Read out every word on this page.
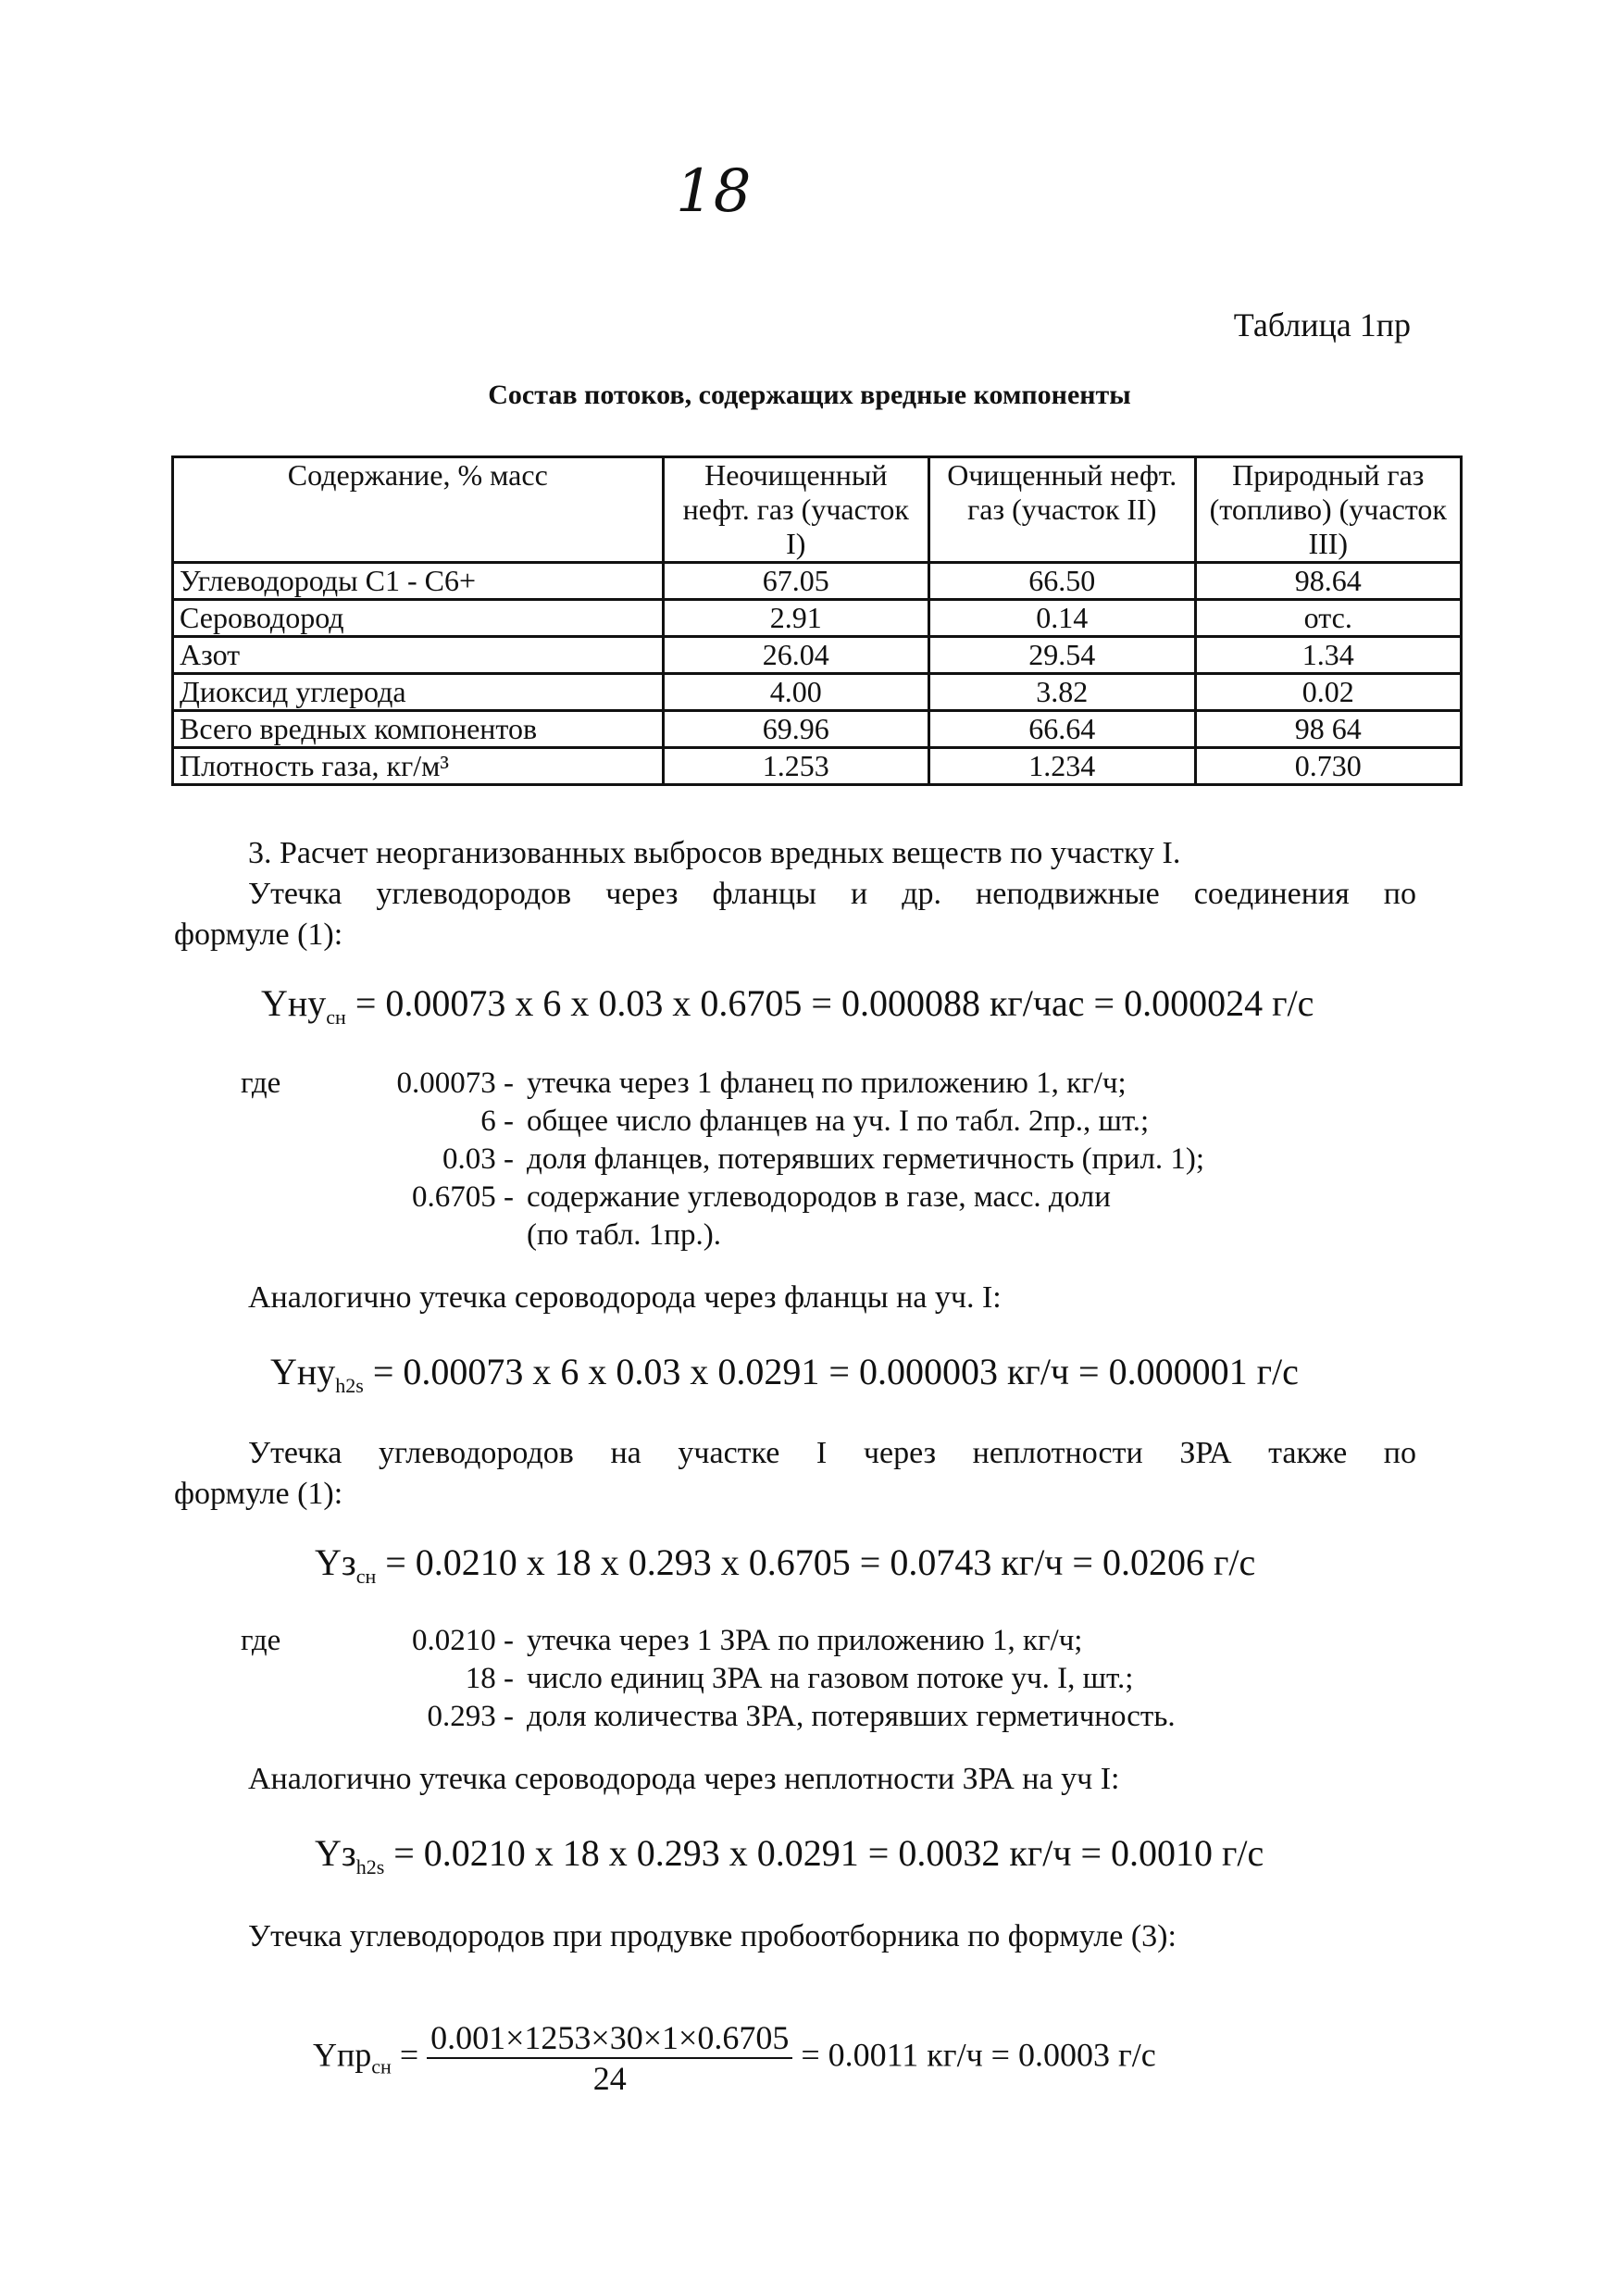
18
Таблица 1пр
Состав потоков, содержащих вредные компоненты
Содержание, % масс	Неочищенный нефт. газ (участок I)	Очищенный нефт. газ (участок II)	Природный газ (топливо) (участок III)
Углеводороды C1 - C6+	67.05	66.50	98.64
Сероводород	2.91	0.14	отс.
Азот	26.04	29.54	1.34
Диоксид углерода	4.00	3.82	0.02
Всего вредных компонентов	69.96	66.64	98 64
Плотность газа, кг/м³	1.253	1.234	0.730
3. Расчет неорганизованных выбросов вредных веществ по участку I.
Утечка углеводородов через фланцы и др. неподвижные соединения по
формуле (1):
Yну$_{сн}$ = 0.00073 х 6 х 0.03 х 0.6705 = 0.000088 кг/час = 0.000024 г/с
где	0.00073 - утечка через 1 фланец по приложению 1, кг/ч;
6 - общее число фланцев на уч. I по табл. 2пр., шт.;
0.03 - доля фланцев, потерявших герметичность (прил. 1);
0.6705 - содержание углеводородов в газе, масс. доли
(по табл. 1пр.).
Аналогично утечка сероводорода через фланцы на уч. I:
Yну$_{h2s}$ = 0.00073 х 6 х 0.03 х 0.0291 = 0.000003 кг/ч = 0.000001 г/с
Утечка углеводородов на участке I через неплотности ЗРА также по
формуле (1):
$Yз_{сн} = 0.0210$ х 18 х 0.293 х 0.6705 = 0.0743 кг/ч = 0.0206 г/с
где	0.0210 - утечка через 1 ЗРА по приложению 1, кг/ч;
18 - число единиц ЗРА на газовом потоке уч. I, шт.;
0.293 - доля количества ЗРА, потерявших герметичность.
Аналогично утечка сероводорода через неплотности ЗРА на уч I:
$Yз_{h2s} = 0.0210$ х 18 х 0.293 х 0.0291 = 0.0032 кг/ч = 0.0010 г/с
Утечка углеводородов при продувке пробоотборника по формуле (3):
$Yпр_{сн} = \frac{0.001\times 1253\times 30\times 1\times 0.6705}{24} = 0.0011$ кг/ч = 0.0003 г/с
